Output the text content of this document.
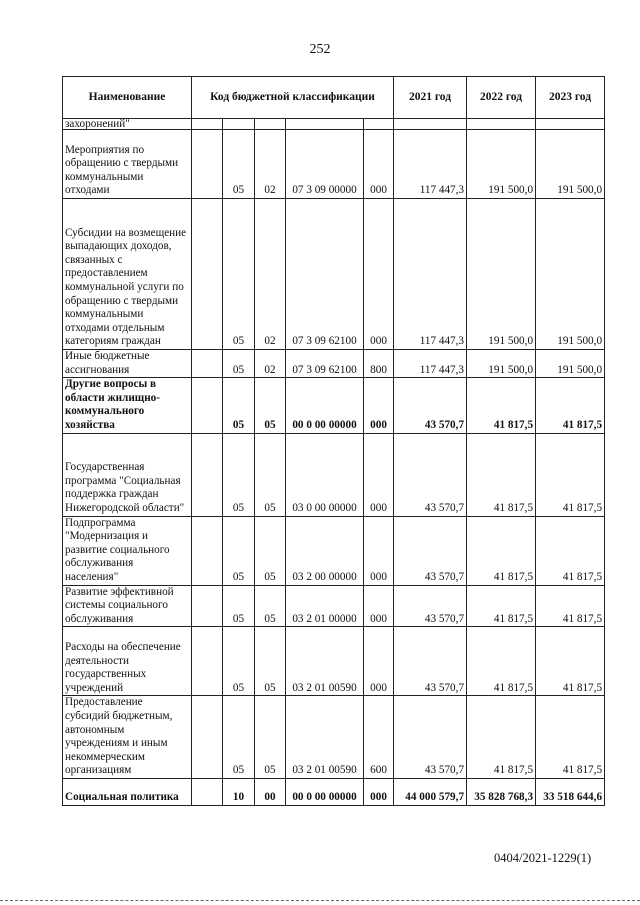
252
Наименование	Код бюджетной классификации					2021 год	2022 год	2023 год
захоронений"								
Мероприятия по обращению с твердыми коммунальными отходами		05	02	07 3 09 00000	000	117 447,3	191 500,0	191 500,0
Субсидии на возмещение выпадающих доходов, связанных с предоставлением коммунальной услуги по обращению с твердыми коммунальными отходами отдельным категориям граждан		05	02	07 3 09 62100	000	117 447,3	191 500,0	191 500,0
Иные бюджетные ассигнования		05	02	07 3 09 62100	800	117 447,3	191 500,0	191 500,0
Другие вопросы в области жилищно-коммунального хозяйства		05	05	00 0 00 00000	000	43 570,7	41 817,5	41 817,5
Государственная программа "Социальная поддержка граждан Нижегородской области"		05	05	03 0 00 00000	000	43 570,7	41 817,5	41 817,5
Подпрограмма "Модернизация и развитие социального обслуживания населения"		05	05	03 2 00 00000	000	43 570,7	41 817,5	41 817,5
Развитие эффективной системы социального обслуживания		05	05	03 2 01 00000	000	43 570,7	41 817,5	41 817,5
Расходы на обеспечение деятельности государственных учреждений		05	05	03 2 01 00590	000	43 570,7	41 817,5	41 817,5
Предоставление субсидий бюджетным, автономным учреждениям и иным некоммерческим организациям		05	05	03 2 01 00590	600	43 570,7	41 817,5	41 817,5
Социальная политика		10	00	00 0 00 00000	000	44 000 579,7	35 828 768,3	33 518 644,6
0404/2021-1229(1)
